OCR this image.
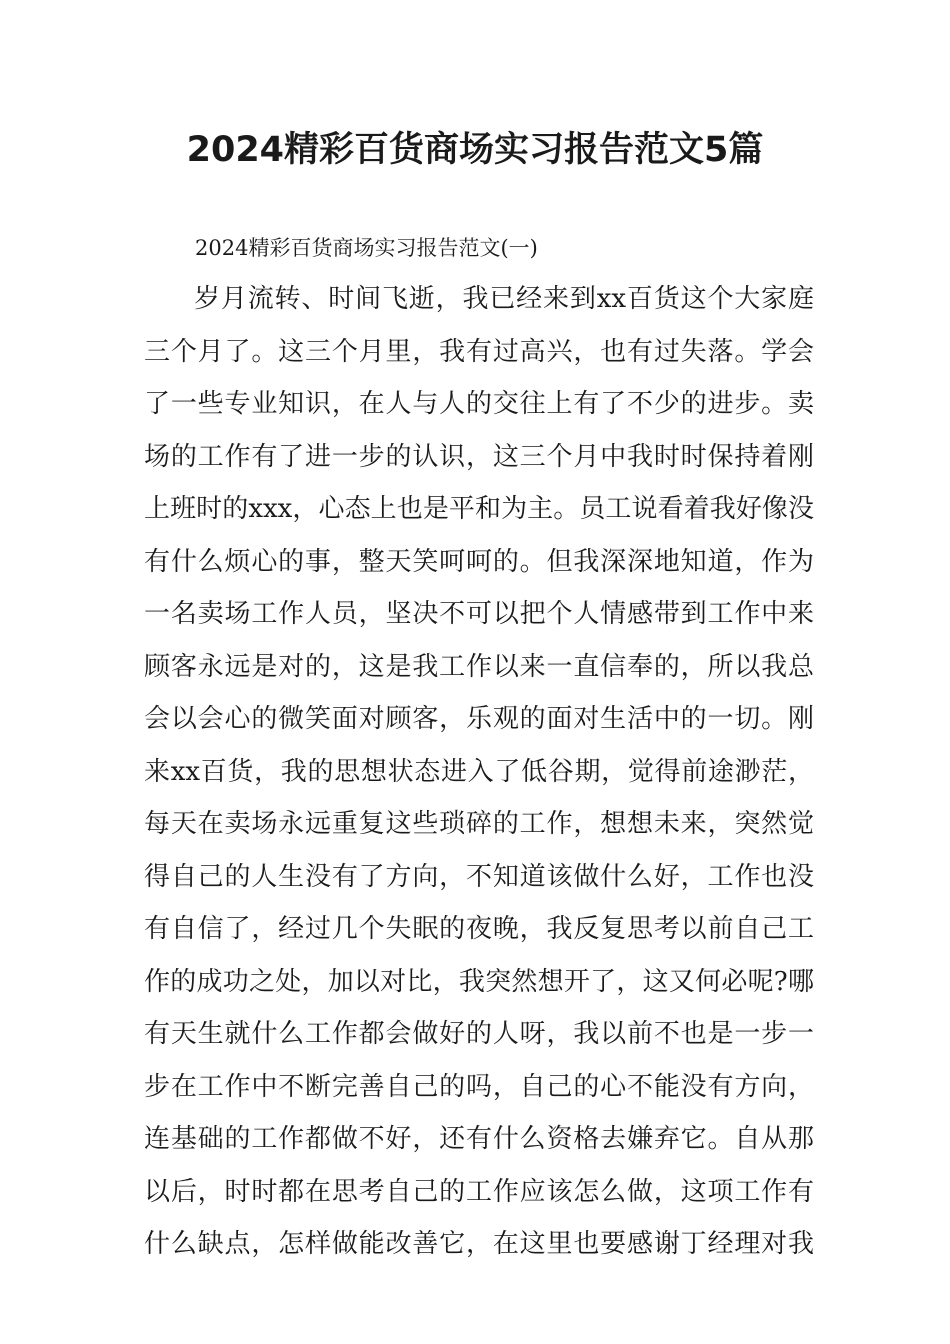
2024精彩百货商场实习报告范文5篇

2024精彩百货商场实习报告范文(一)

岁月流转、时间飞逝，我已经来到xx百货这个大家庭
三个月了。这三个月里，我有过高兴，也有过失落。学会
了一些专业知识，在人与人的交往上有了不少的进步。卖
场的工作有了进一步的认识，这三个月中我时时保持着刚
上班时的xxx，心态上也是平和为主。员工说看着我好像没
有什么烦心的事，整天笑呵呵的。但我深深地知道，作为
一名卖场工作人员，坚决不可以把个人情感带到工作中来
顾客永远是对的，这是我工作以来一直信奉的，所以我总
会以会心的微笑面对顾客，乐观的面对生活中的一切。刚
来xx百货，我的思想状态进入了低谷期，觉得前途渺茫，
每天在卖场永远重复这些琐碎的工作，想想未来，突然觉
得自己的人生没有了方向，不知道该做什么好，工作也没
有自信了，经过几个失眠的夜晚，我反复思考以前自己工
作的成功之处，加以对比，我突然想开了，这又何必呢?哪
有天生就什么工作都会做好的人呀，我以前不也是一步一
步在工作中不断完善自己的吗，自己的心不能没有方向，
连基础的工作都做不好，还有什么资格去嫌弃它。自从那
以后，时时都在思考自己的工作应该怎么做，这项工作有
什么缺点，怎样做能改善它，在这里也要感谢丁经理对我
